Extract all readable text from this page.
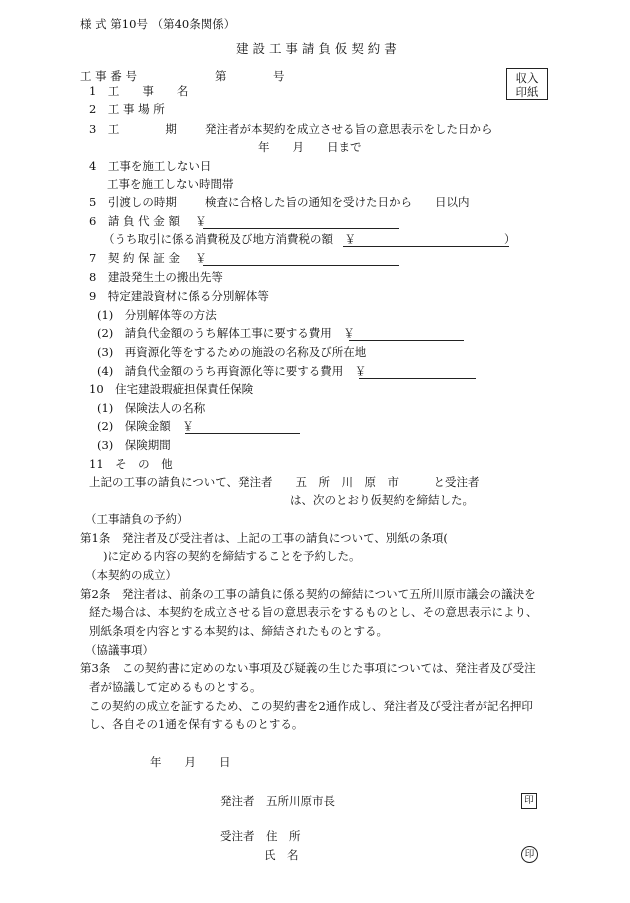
様 式 第10号 （第40条関係）
建 設 工 事 請 負 仮 契 約 書
収入
印紙
工 事 番 号	第	号
1　工　　事　　名
2　工 事 場 所
3　工　　　　期 発注者が本契約を成立させる旨の意思表示をした日から
年　　月　　日まで
4　工事を施工しない日
工事を施工しない時間帯
5　引渡しの時期 検査に合格した旨の通知を受けた日から　　日以内
6　請 負 代 金 額　 ￥
（うち取引に係る消費税及び地方消費税の額　￥	）
7　契 約 保 証 金　 ￥
8　建設発生土の搬出先等
9　特定建設資材に係る分別解体等
(1)　分別解体等の方法
(2)　請負代金額のうち解体工事に要する費用　￥
(3)　再資源化等をするための施設の名称及び所在地
(4)　請負代金額のうち再資源化等に要する費用　￥
10　住宅建設瑕疵担保責任保険
(1)　保険法人の名称
(2)　保険金額　￥
(3)　保険期間
11　そ　の　他
上記の工事の請負について、発注者　　五　所　川　原　市　　　と受注者
は、次のとおり仮契約を締結した。
（工事請負の予約）
第1条　発注者及び受注者は、上記の工事の請負について、別紙の条項(
)に定める内容の契約を締結することを予約した。
（本契約の成立）
第2条　発注者は、前条の工事の請負に係る契約の締結について五所川原市議会の議決を
経た場合は、本契約を成立させる旨の意思表示をするものとし、その意思表示により、
別紙条項を内容とする本契約は、締結されたものとする。
（協議事項）
第3条　この契約書に定めのない事項及び疑義の生じた事項については、発注者及び受注
者が協議して定めるものとする。
この契約の成立を証するため、この契約書を2通作成し、発注者及び受注者が記名押印
し、各自その1通を保有するものとする。
年　　月　　日
発注者　五所川原市長	印
受注者　住　所
氏　名	印
